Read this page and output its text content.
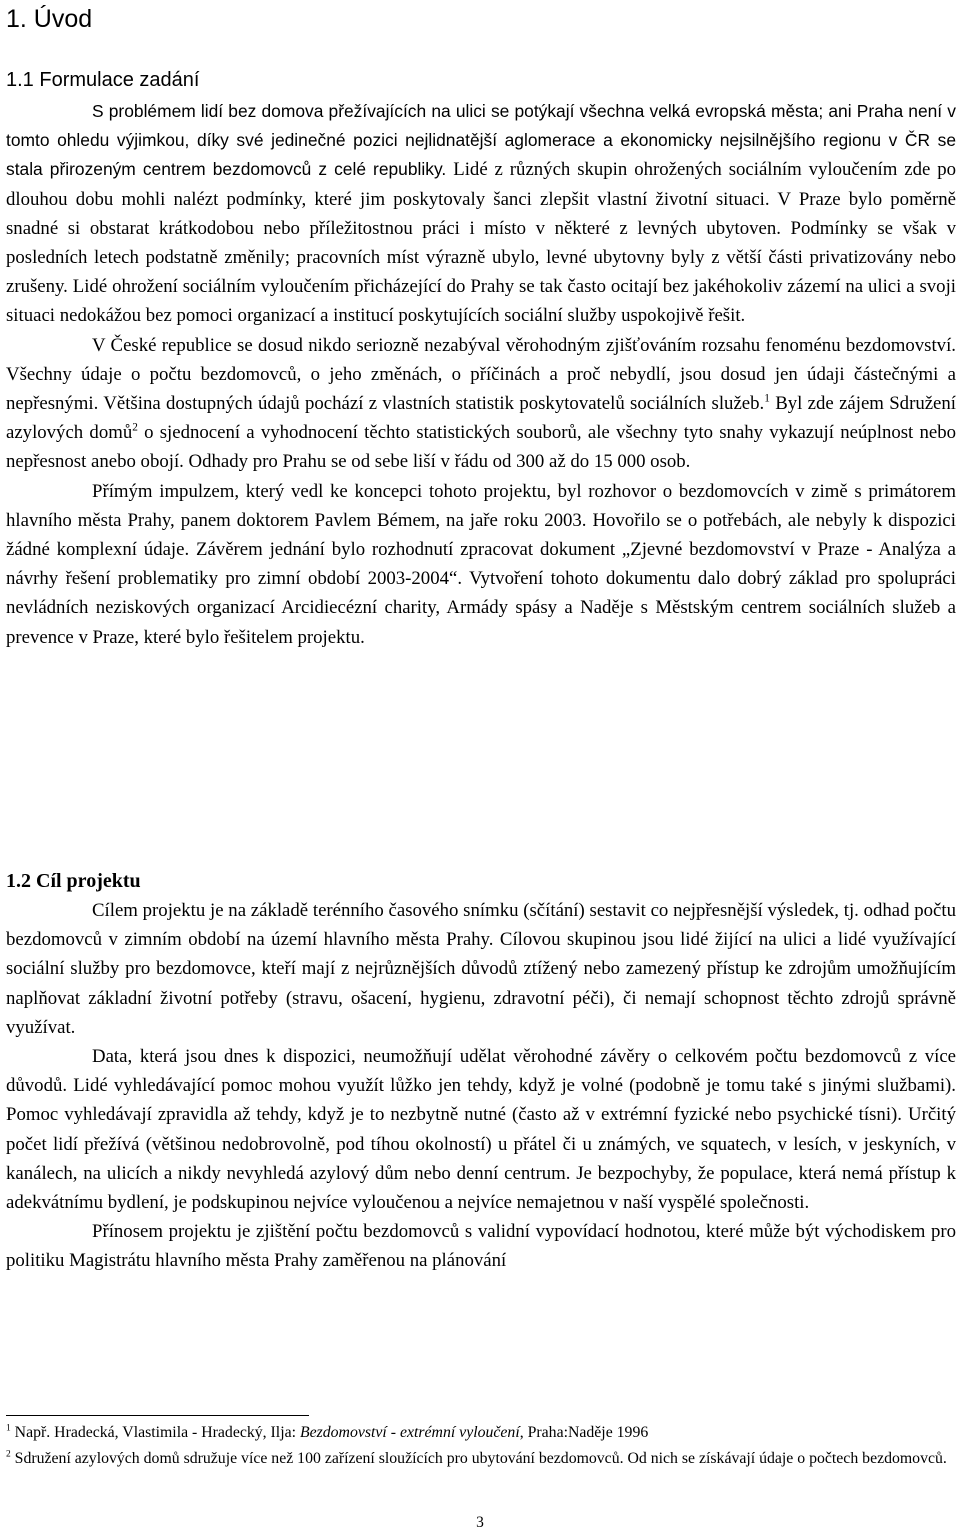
1. Úvod
1.1 Formulace zadání

S problémem lidí bez domova přežívajících na ulici se potýkají všechna velká evropská města; ani Praha není v tomto ohledu výjimkou, díky své jedinečné pozici nejlidnatější aglomerace a ekonomicky nejsilnějšího regionu v ČR se stala přirozeným centrem bezdomovců z celé republiky. Lidé z různých skupin ohrožených sociálním vyloučením zde po dlouhou dobu mohli nalézt podmínky, které jim poskytovaly šanci zlepšit vlastní životní situaci. V Praze bylo poměrně snadné si obstarat krátkodobou nebo příležitostnou práci i místo v některé z levných ubytoven. Podmínky se však v posledních letech podstatně změnily; pracovních míst výrazně ubylo, levné ubytovny byly z větší části privatizovány nebo zrušeny. Lidé ohrožení sociálním vyloučením přicházející do Prahy se tak často ocitají bez jakéhokoliv zázemí na ulici a svoji situaci nedokážou bez pomoci organizací a institucí poskytujících sociální služby uspokojivě řešit.

V České republice se dosud nikdo seriozně nezabýval věrohodným zjišťováním rozsahu fenoménu bezdomovství. Všechny údaje o počtu bezdomovců, o jeho změnách, o příčinách a proč nebydlí, jsou dosud jen údaji částečnými a nepřesnými. Většina dostupných údajů pochází z vlastních statistik poskytovatelů sociálních služeb.$^1$ Byl zde zájem Sdružení azylových domů$^2$ o sjednocení a vyhodnocení těchto statistických souborů, ale všechny tyto snahy vykazují neúplnost nebo nepřesnost anebo obojí. Odhady pro Prahu se od sebe liší v řádu od 300 až do 15 000 osob.

Přímým impulzem, který vedl ke koncepci tohoto projektu, byl rozhovor o bezdomovcích v zimě s primátorem hlavního města Prahy, panem doktorem Pavlem Bémem, na jaře roku 2003. Hovořilo se o potřebách, ale nebyly k dispozici žádné komplexní údaje. Závěrem jednání bylo rozhodnutí zpracovat dokument „Zjevné bezdomovství v Praze - Analýza a návrhy řešení problematiky pro zimní období 2003-2004“. Vytvoření tohoto dokumentu dalo dobrý základ pro spolupráci nevládních neziskových organizací Arcidiecézní charity, Armády spásy a Naděje s Městským centrem sociálních služeb a prevence v Praze, které bylo řešitelem projektu.

1.2 Cíl projektu

Cílem projektu je na základě terénního časového snímku (sčítání) sestavit co nejpřesnější výsledek, tj. odhad počtu bezdomovců v zimním období na území hlavního města Prahy. Cílovou skupinou jsou lidé žijící na ulici a lidé využívající sociální služby pro bezdomovce, kteří mají z nejrůznějších důvodů ztížený nebo zamezený přístup ke zdrojům umožňujícím naplňovat základní životní potřeby (stravu, ošacení, hygienu, zdravotní péči), či nemají schopnost těchto zdrojů správně využívat.

Data, která jsou dnes k dispozici, neumožňují udělat věrohodné závěry o celkovém počtu bezdomovců z více důvodů. Lidé vyhledávající pomoc mohou využít lůžko jen tehdy, když je volné (podobně je tomu také s jinými službami). Pomoc vyhledávají zpravidla až tehdy, když je to nezbytně nutné (často až v extrémní fyzické nebo psychické tísni). Určitý počet lidí přežívá (většinou nedobrovolně, pod tíhou okolností) u přátel či u známých, ve squatech, v lesích, v jeskyních, v kanálech, na ulicích a nikdy nevyhledá azylový dům nebo denní centrum. Je bezpochyby, že populace, která nemá přístup k adekvátnímu bydlení, je podskupinou nejvíce vyloučenou a nejvíce nemajetnou v naší vyspělé společnosti.

Přínosem projektu je zjištění počtu bezdomovců s validní vypovídací hodnotou, které může být východiskem pro politiku Magistrátu hlavního města Prahy zaměřenou na plánování

$^1$ Např. Hradecká, Vlastimila - Hradecký, Ilja: Bezdomovství - extrémní vyloučení, Praha:Naděje 1996
$^2$ Sdružení azylových domů sdružuje více než 100 zařízení sloužících pro ubytování bezdomovců. Od nich se získávají údaje o počtech bezdomovců.
3
